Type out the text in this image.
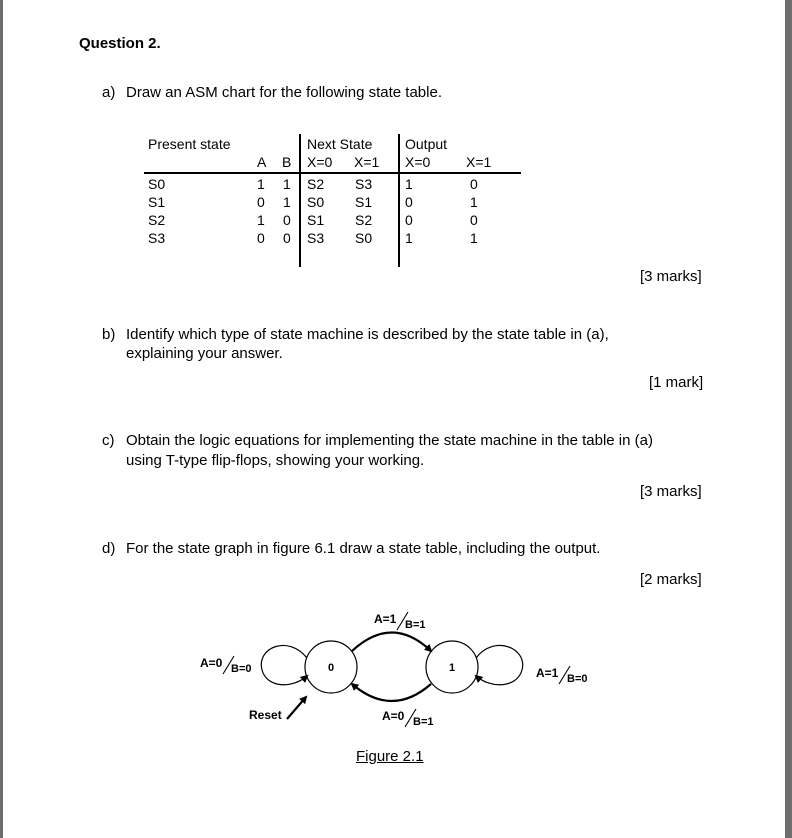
Question 2.
a) Draw an ASM chart for the following state table.
Present state	Next State Output
A B X=0 X=1 X=0	X=1
S0	1 1 S2 S3 1	0
S1	0 1 S0 S1 0	1
S2	1 0 S1 S2 0	0
S3	0 0 S3 S0 1	1
[3 marks]
b) Identify which type of state machine is described by the state table in (a),
explaining your answer.
[1 mark]
c) Obtain the logic equations for implementing the state machine in the table in (a)
using T-type flip-flops, showing your working.
[3 marks]
d) For the state graph in figure 6.1 draw a state table, including the output.
[2 marks]
0	1
A=1 B=1
A=0 B=1
A=0 B=0	A=1 B=0
Reset
Figure 2.1
